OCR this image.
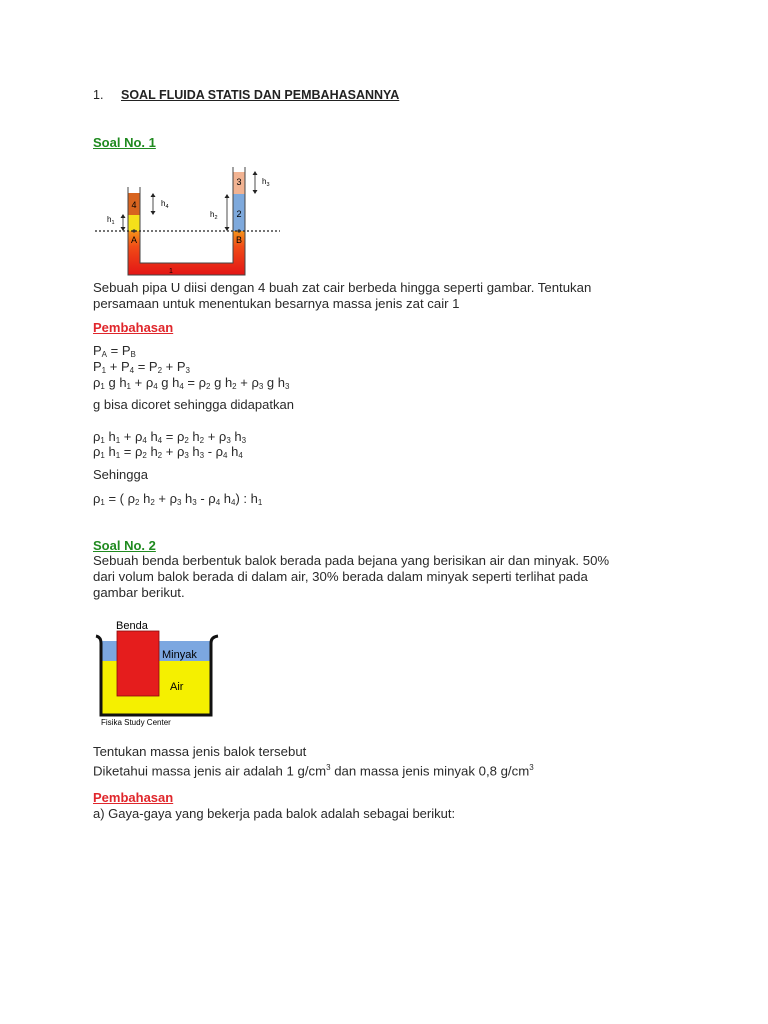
1. SOAL FLUIDA STATIS DAN PEMBAHASANNYA
Soal No. 1
4
A
3
2
B
1
$h_1$
$h_4$
$h_2$
$h_3$
Sebuah pipa U diisi dengan 4 buah zat cair berbeda hingga seperti gambar. Tentukan
persamaan untuk menentukan besarnya massa jenis zat cair 1
Pembahasan
$P_A = P_B$
$P_1 + P_4 = P_2 + P_3$
$\rho_1$ g $h_1 + \rho_4$ g $h_4 = \rho_2$ g $h_2 + \rho_3$ g $h_3$
g bisa dicoret sehingga didapatkan
$\rho_1$ $h_1 + \rho_4$ $h_4 = \rho_2$ $h_2 + \rho_3$ $h_3$
$\rho_1$ $h_1 = \rho_2$ $h_2 + \rho_3$ $h_3 - \rho_4$ $h_4$
Sehingga
$\rho_1$ = ( $\rho_2$ $h_2 + \rho_3$ $h_3 - \rho_4$ $h_4$) : $h_1$
Soal No. 2
Sebuah benda berbentuk balok berada pada bejana yang berisikan air dan minyak. 50%
dari volum balok berada di dalam air, 30% berada dalam minyak seperti terlihat pada
gambar berikut.
Benda
Minyak
Air
Fisika Study Center
Tentukan massa jenis balok tersebut
Diketahui massa jenis air adalah 1 $g/cm^3$ dan massa jenis minyak 0,8 $g/cm^3$
Pembahasan
a) Gaya-gaya yang bekerja pada balok adalah sebagai berikut:
